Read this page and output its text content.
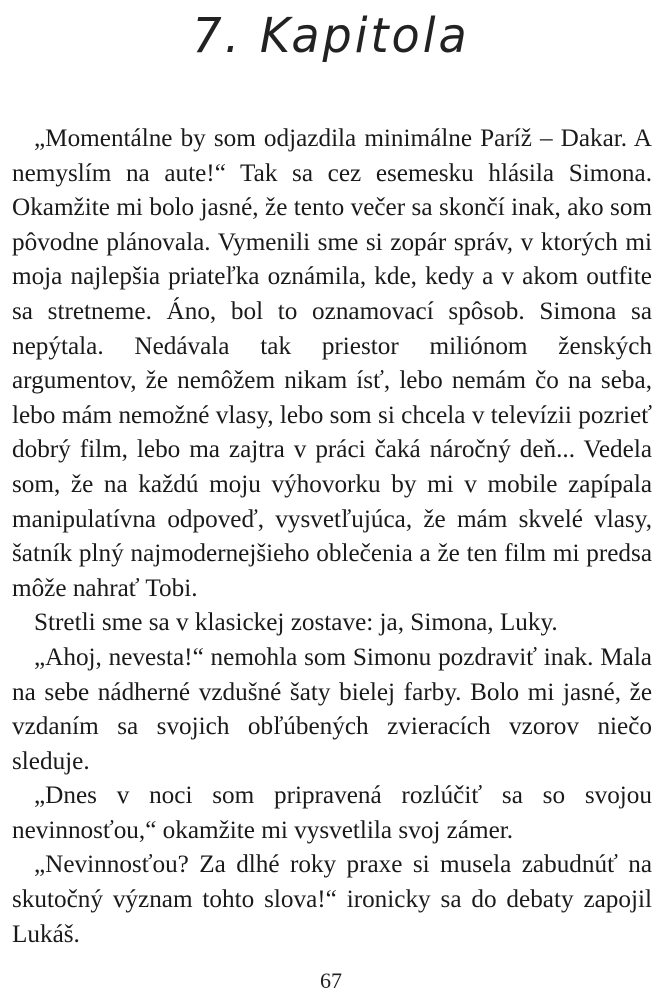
7. Kapitola

„Momentálne by som odjazdila minimálne Paríž – Dakar. A nemyslím na aute!“ Tak sa cez esemesku hlásila Simona. Okamžite mi bolo jasné, že tento večer sa skončí inak, ako som pôvodne plánovala. Vymenili sme si zopár správ, v ktorých mi moja najlepšia priateľka oznámila, kde, kedy a v akom outfite sa stretneme. Áno, bol to oznamovací spôsob. Simona sa nepýtala. Nedávala tak priestor miliónom ženských argumentov, že nemôžem nikam ísť, lebo nemám čo na seba, lebo mám nemožné vlasy, lebo som si chcela v televízii pozrieť dobrý film, lebo ma zajtra v práci čaká náročný deň... Vedela som, že na každú moju výhovorku by mi v mobile zapípala manipulatívna odpoveď, vysvetľujúca, že mám skvelé vlasy, šatník plný najmodernejšieho oblečenia a že ten film mi predsa môže nahrať Tobi.

Stretli sme sa v klasickej zostave: ja, Simona, Luky.

„Ahoj, nevesta!“ nemohla som Simonu pozdraviť inak. Mala na sebe nádherné vzdušné šaty bielej farby. Bolo mi jasné, že vzdaním sa svojich obľúbených zvieracích vzorov niečo sleduje.

„Dnes v noci som pripravená rozlúčiť sa so svojou nevinnosťou,“ okamžite mi vysvetlila svoj zámer.

„Nevinnosťou? Za dlhé roky praxe si musela zabudnúť na skutočný význam tohto slova!“ ironicky sa do debaty zapojil Lukáš.

67
